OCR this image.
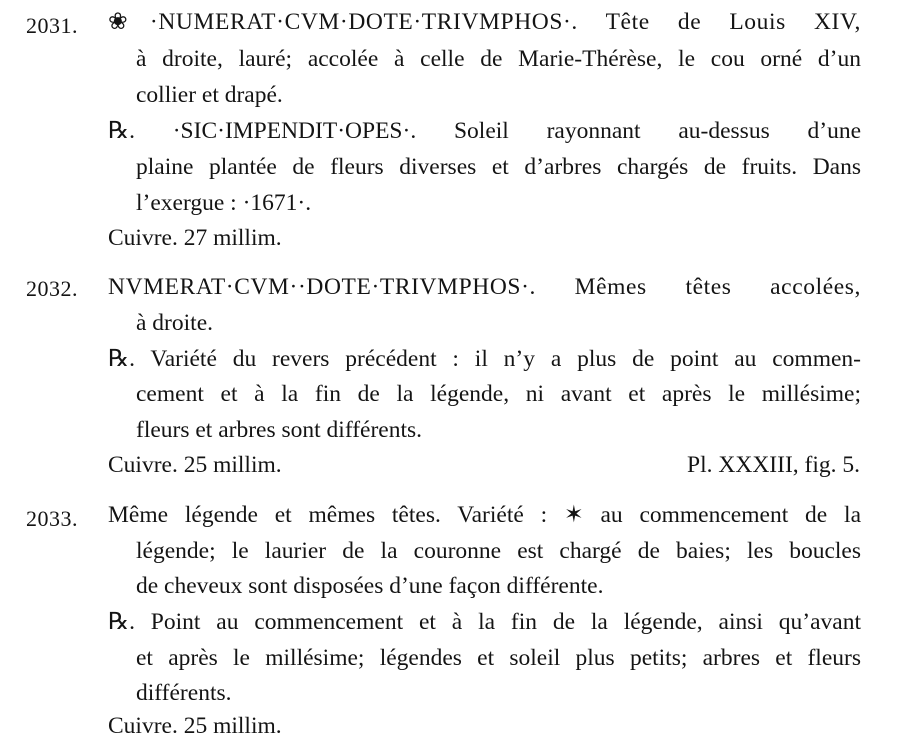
2031. ❀·NUMERAT·CVM·DOTE·TRIVMPHOS·. Tête de Louis XIV,
à droite, lauré; accolée à celle de Marie-Thérèse, le cou orné d’un
collier et drapé.
℞. ·SIC·IMPENDIT·OPES·. Soleil rayonnant au-dessus d’une
plaine plantée de fleurs diverses et d’arbres chargés de fruits. Dans
l’exergue : ·1671·.
Cuivre. 27 millim.
2032. NVMERAT·CVM··DOTE·TRIVMPHOS·. Mêmes têtes accolées,
à droite.
℞. Variété du revers précédent : il n’y a plus de point au commen-
cement et à la fin de la légende, ni avant et après le millésime;
fleurs et arbres sont différents.
Cuivre. 25 millim.	Pl. XXXIII, fig. 5.
2033. Même légende et mêmes têtes. Variété : ✶ au commencement de la
légende; le laurier de la couronne est chargé de baies; les boucles
de cheveux sont disposées d’une façon différente.
℞. Point au commencement et à la fin de la légende, ainsi qu’avant
et après le millésime; légendes et soleil plus petits; arbres et fleurs
différents.
Cuivre. 25 millim.
